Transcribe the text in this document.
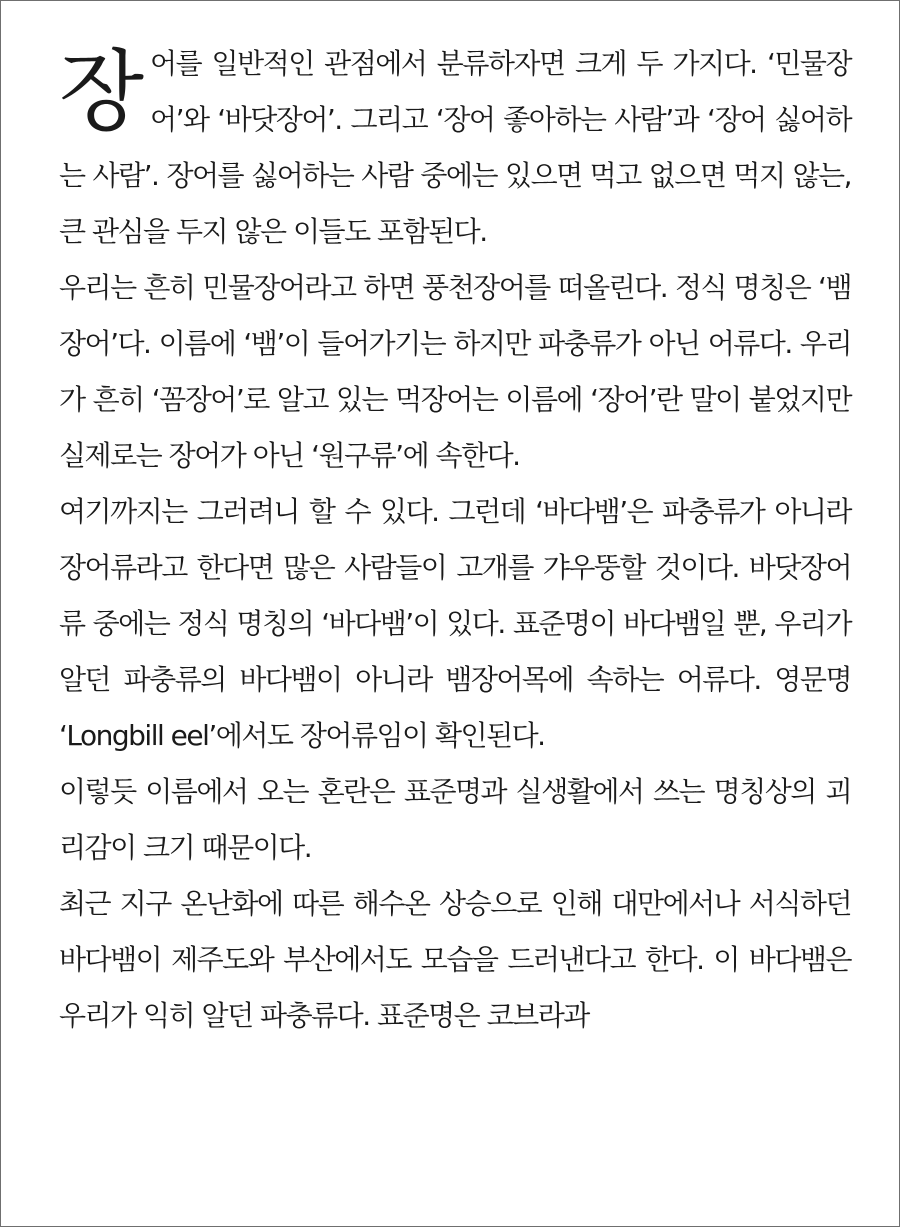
장어를 일반적인 관점에서 분류하자면 크게 두 가지다. ‘민물장어’와 ‘바닷장어’. 그리고 ‘장어 좋아하는 사람’과 ‘장어 싫어하는 사람’. 장어를 싫어하는 사람 중에는 있으면 먹고 없으면 먹지 않는, 큰 관심을 두지 않은 이들도 포함된다.

우리는 흔히 민물장어라고 하면 풍천장어를 떠올린다. 정식 명칭은 ‘뱀장어’다. 이름에 ‘뱀’이 들어가기는 하지만 파충류가 아닌 어류다. 우리가 흔히 ‘꼼장어’로 알고 있는 먹장어는 이름에 ‘장어’란 말이 붙었지만 실제로는 장어가 아닌 ‘원구류’에 속한다.

여기까지는 그러려니 할 수 있다. 그런데 ‘바다뱀’은 파충류가 아니라 장어류라고 한다면 많은 사람들이 고개를 갸우뚱할 것이다. 바닷장어류 중에는 정식 명칭의 ‘바다뱀’이 있다. 표준명이 바다뱀일 뿐, 우리가 알던 파충류의 바다뱀이 아니라 뱀장어목에 속하는 어류다. 영문명 ‘Longbill eel’에서도 장어류임이 확인된다.

이렇듯 이름에서 오는 혼란은 표준명과 실생활에서 쓰는 명칭상의 괴리감이 크기 때문이다.

최근 지구 온난화에 따른 해수온 상승으로 인해 대만에서나 서식하던 바다뱀이 제주도와 부산에서도 모습을 드러낸다고 한다. 이 바다뱀은 우리가 익히 알던 파충류다. 표준명은 코브라과
